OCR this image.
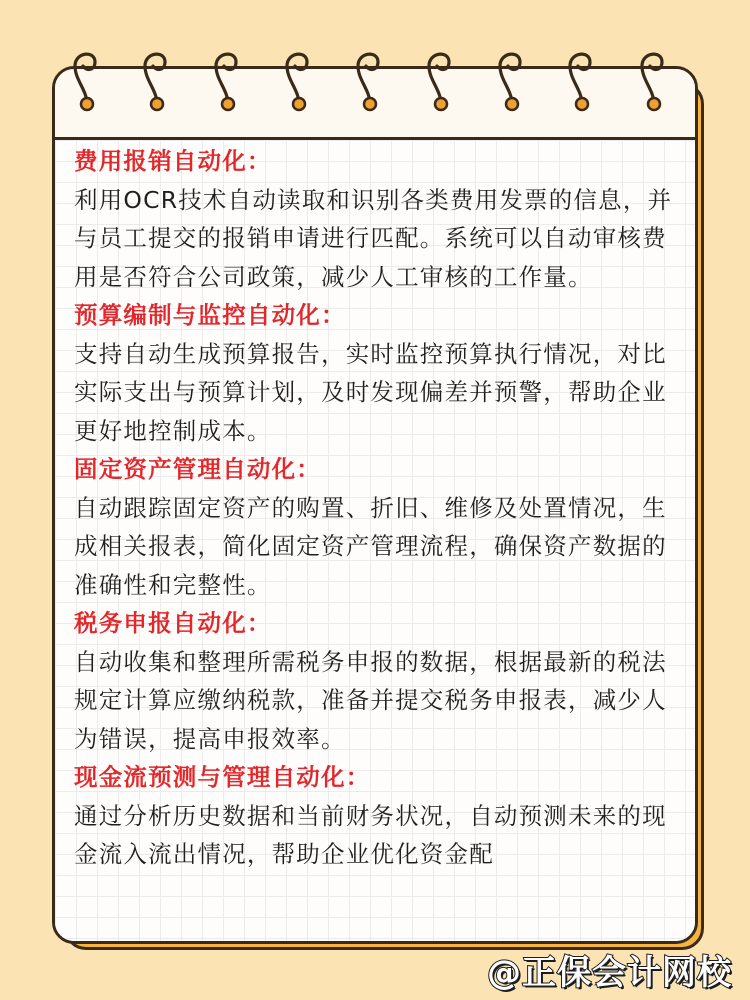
费用报销自动化：
利用OCR技术自动读取和识别各类费用发票的信息，并与员工提交的报销申请进行匹配。系统可以自动审核费用是否符合公司政策，减少人工审核的工作量。
预算编制与监控自动化：
支持自动生成预算报告，实时监控预算执行情况，对比实际支出与预算计划，及时发现偏差并预警，帮助企业更好地控制成本。
固定资产管理自动化：
自动跟踪固定资产的购置、折旧、维修及处置情况，生成相关报表，简化固定资产管理流程，确保资产数据的准确性和完整性。
税务申报自动化：
自动收集和整理所需税务申报的数据，根据最新的税法规定计算应缴纳税款，准备并提交税务申报表，减少人为错误，提高申报效率。
现金流预测与管理自动化：
通过分析历史数据和当前财务状况，自动预测未来的现金流入流出情况，帮助企业优化资金配
@正保会计网校
